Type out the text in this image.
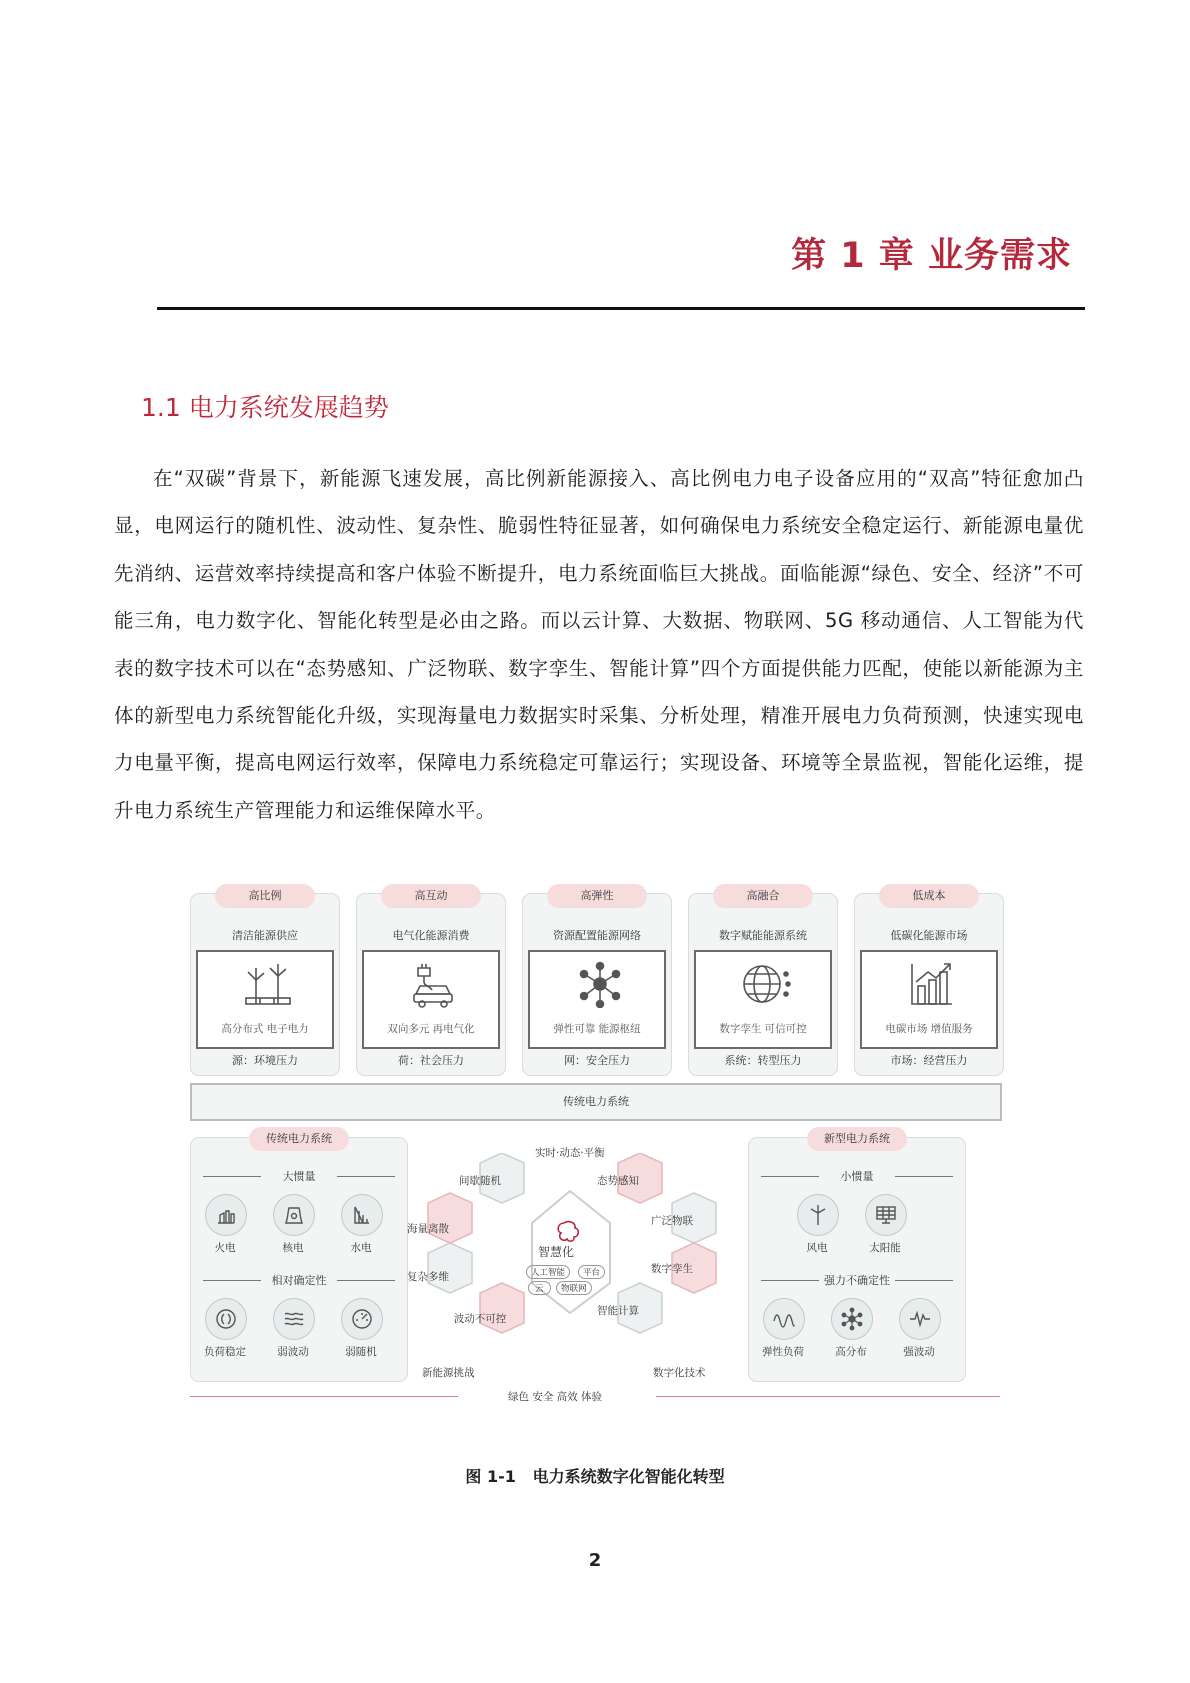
第 1 章 业务需求
1.1 电力系统发展趋势

在“双碳”背景下，新能源飞速发展，高比例新能源接入、高比例电力电子设备应用的“双高”特征愈加凸显，电网运行的随机性、波动性、复杂性、脆弱性特征显著，如何确保电力系统安全稳定运行、新能源电量优先消纳、运营效率持续提高和客户体验不断提升，电力系统面临巨大挑战。面临能源“绿色、安全、经济”不可能三角，电力数字化、智能化转型是必由之路。而以云计算、大数据、物联网、5G 移动通信、人工智能为代表的数字技术可以在“态势感知、广泛物联、数字孪生、智能计算”四个方面提供能力匹配，使能以新能源为主体的新型电力系统智能化升级，实现海量电力数据实时采集、分析处理，精准开展电力负荷预测，快速实现电力电量平衡，提高电网运行效率，保障电力系统稳定可靠运行；实现设备、环境等全景监视，智能化运维，提升电力系统生产管理能力和运维保障水平。

高比例
清洁能源供应
高分布式 电子电力
源：环境压力
高互动
电气化能源消费
双向多元 再电气化
荷：社会压力
高弹性
资源配置能源网络
弹性可靠 能源枢纽
网：安全压力
高融合
数字赋能能源系统
数字孪生 可信可控
系统：转型压力
低成本
低碳化能源市场
电碳市场 增值服务
市场：经营压力
传统电力系统
传统电力系统
大惯量
火电	核电	水电
相对确定性
负荷稳定	弱波动	弱随机
新型电力系统
小惯量
风电	太阳能
强力不确定性
弹性负荷	高分布	强波动
实时·动态·平衡
间歇随机
海量离散
复杂多维
波动不可控
态势感知
广泛物联
数字孪生
智能计算
智慧化
人工智能	平台
云	物联网
新能源挑战	数字化技术
绿色 安全 高效 体验
图 1-1 电力系统数字化智能化转型
2
